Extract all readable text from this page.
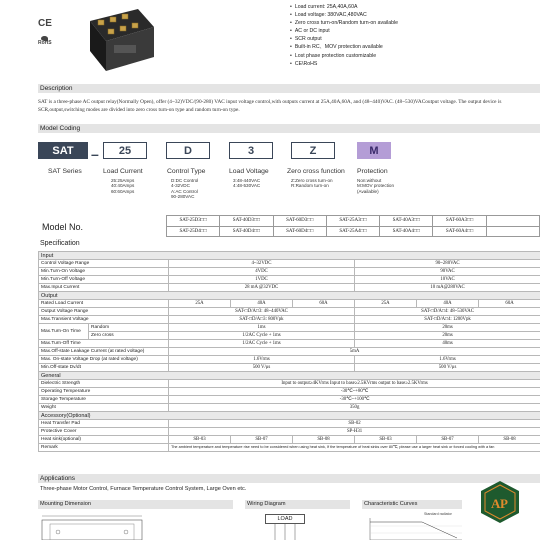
CE
RoHS
• Load current: 25A,40A,60A
• Load voltage: 380VAC,480VAC
• Zero cross turn-on/Random turn-on available
• AC or DC input
• SCR output
• Built-in RC、MOV protection available
• Lost phase protection customizable
• CE\RoHS
Description
SAT is a three-phase AC output relay(Normally Open), offer (4~32)VDC/(90-280) VAC input voltage control,with outputs current at 25A,40A,60A, and (48~440)VAC. (48~530)VACoutput voltage. The output device is SCR,output,switching modes are divided into zero cross turn-on type and random turn-on type.
Model Coding
SAT	–	25	D	3	Z	M
SAT Series	Load Current	Control Type	Load Voltage	Zero cross function Protection
25:25Amps
40:40Amps
60:60Amps
D:DC Control
4-32VDC
A:AC Control
90-280VAC
3:48-440VAC
4:48-530VAC
Z:Zero cross turn-on
R:Random turn-on
Non:without
M:MOV protection
(Available)
Model No.
SAT-25D3□□	SAT-40D3□□	SAT-60D3□□	SAT-25A3□□	SAT-40A3□□	SAT-60A3□□	
SAT-25D4□□	SAT-40D4□□	SAT-60D4□□	SAT-25A4□□	SAT-40A4□□	SAT-60A4□□	
Specification
Input							
Control Voltage Range		4~32VDC			90~280VAC		
Min.Turn-On Voltage		4VDC			90VAC		
Min.Turn-Off Voltage		1VDC			10VAC		
Max.Input Current		28 mA @32VDC			10 mA@280VAC		
Output							
Rated Load Current		25A	40A	60A	25A	40A	60A
Output Voltage Range		SAT-□D/A□3: 48~440VAC			SAT-□D/A□4: 48~530VAC		
Max.Transient Voltage		SAT-□D/A□3: 800Vpk			SAT-□D/A□4: 1200Vpk		
Max.Turn-On Time	Random	1ms			20ms		
	Zero cross	1/2AC Cycle + 1ms			20ms		
Max.Turn-Off Time		1/2AC Cycle + 1ms			40ms		
Max.Off-state Leakage Current (at rated voltage)		5mA					
Max. On-state Voltage Drop (at rated voltage)		1.6Vrms			1.6Vrms		
Min.Off-state Dv/dt		500 V/μs			500 V/μs		
General							
Dielectric Strength		Input to output≥4KVrms Input to base≥2.5KVrms output to base≥2.5KVrms					
Operating Temperature		-30℃~+80℃					
Storage Temperature		-30℃~+100℃					
Weight		350g					
Accessory(Optional)							
Heat Transfer Pad		SB-02					
Protective Cover		SP-H31					
Heat sink(optional)		SB-03	SB-07	SB-08	SB-03	SB-07	SB-08
Remark		The ambient temperature and temperature rise need to be considered when using heat sink, If the temperature of heat sinks over 80℃, please use a larger heat sink or forced cooling with a fan					
Applications
Three-phase Motor Control, Furnace Temperature Control System, Large Oven etc.
Mounting Dimension	Wiring Diagram	Characteristic Curves
LOAD
Standard radiator
A P
